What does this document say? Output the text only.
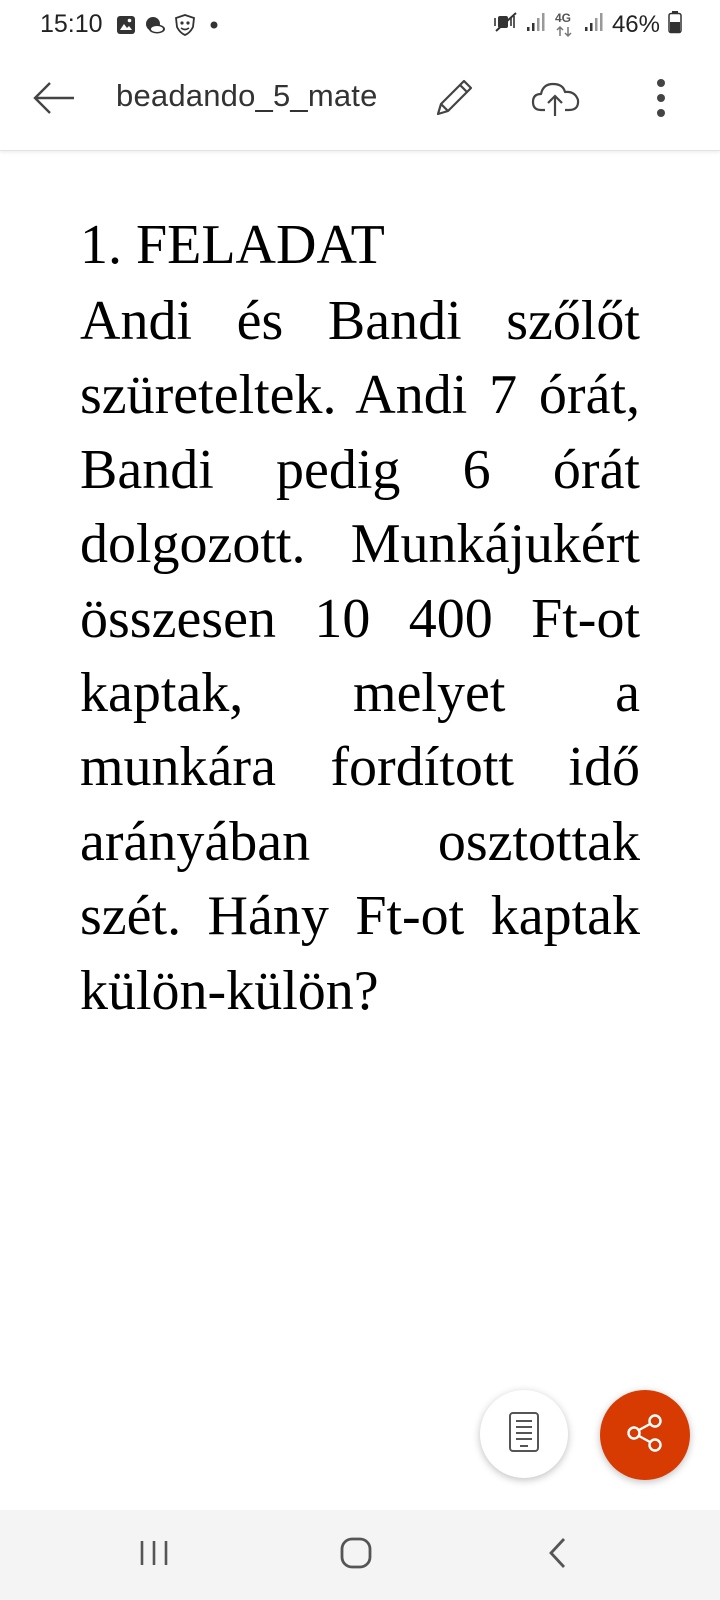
15:10	4G 46%
beadando_5_mate
1. FELADAT

Andi és Bandi szőlőt szüreteltek. Andi 7 órát, Bandi pedig 6 órát dolgozott. Munkájukért összesen 10 400 Ft-ot kaptak, melyet a munkára fordított idő arányában osztottak szét. Hány Ft-ot kaptak külön-külön?
